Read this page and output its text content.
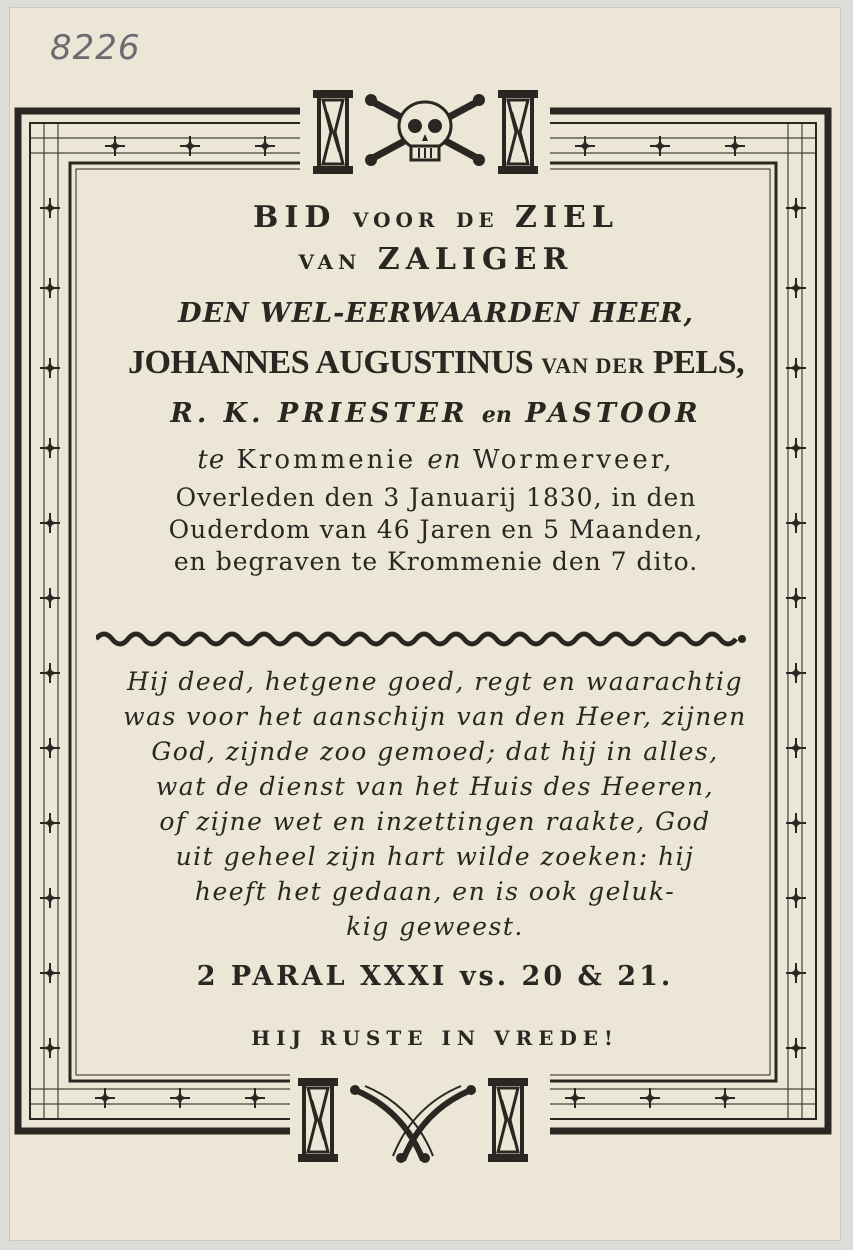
8226
BID VOOR DE ZIEL
VAN ZALIGER
DEN WEL-EERWAARDEN HEER,
JOHANNES AUGUSTINUS VAN DER PELS,
R. K. PRIESTER en PASTOOR
te Krommenie en Wormerveer,
Overleden den 3 Januarij 1830, in den
Ouderdom van 46 Jaren en 5 Maanden,
en begraven te Krommenie den 7 dito.
Hij deed, hetgene goed, regt en waarachtig
was voor het aanschijn van den Heer, zijnen
God, zijnde zoo gemoed; dat hij in alles,
wat de dienst van het Huis des Heeren,
of zijne wet en inzettingen raakte, God
uit geheel zijn hart wilde zoeken: hij
heeft het gedaan, en is ook geluk-
kig geweest.
2 PARAL XXXI vs. 20 & 21.
HIJ RUSTE IN VREDE!
